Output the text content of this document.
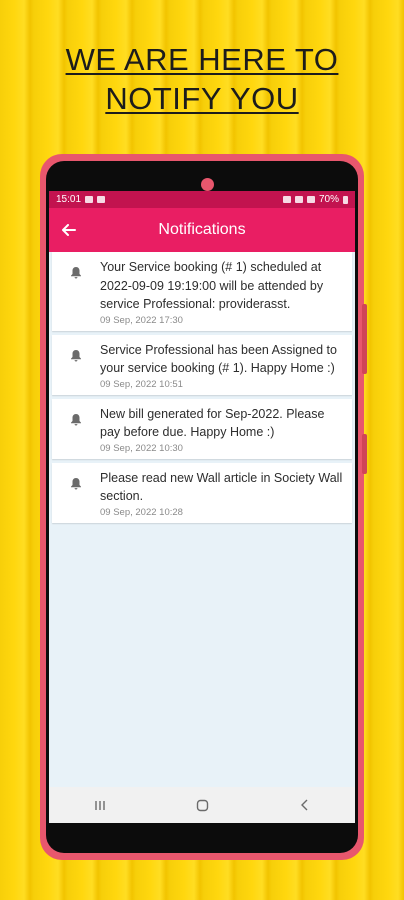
WE ARE HERE TO
NOTIFY YOU
15:01	70%
Notifications
Your Service booking (# 1) scheduled at 2022-09-09 19:19:00 will be attended by service Professional: providerasst.
09 Sep, 2022 17:30
Service Professional has been Assigned to your service booking (# 1). Happy Home :)
09 Sep, 2022 10:51
New bill generated for Sep-2022. Please pay before due. Happy Home :)
09 Sep, 2022 10:30
Please read new Wall article in Society Wall section.
09 Sep, 2022 10:28
